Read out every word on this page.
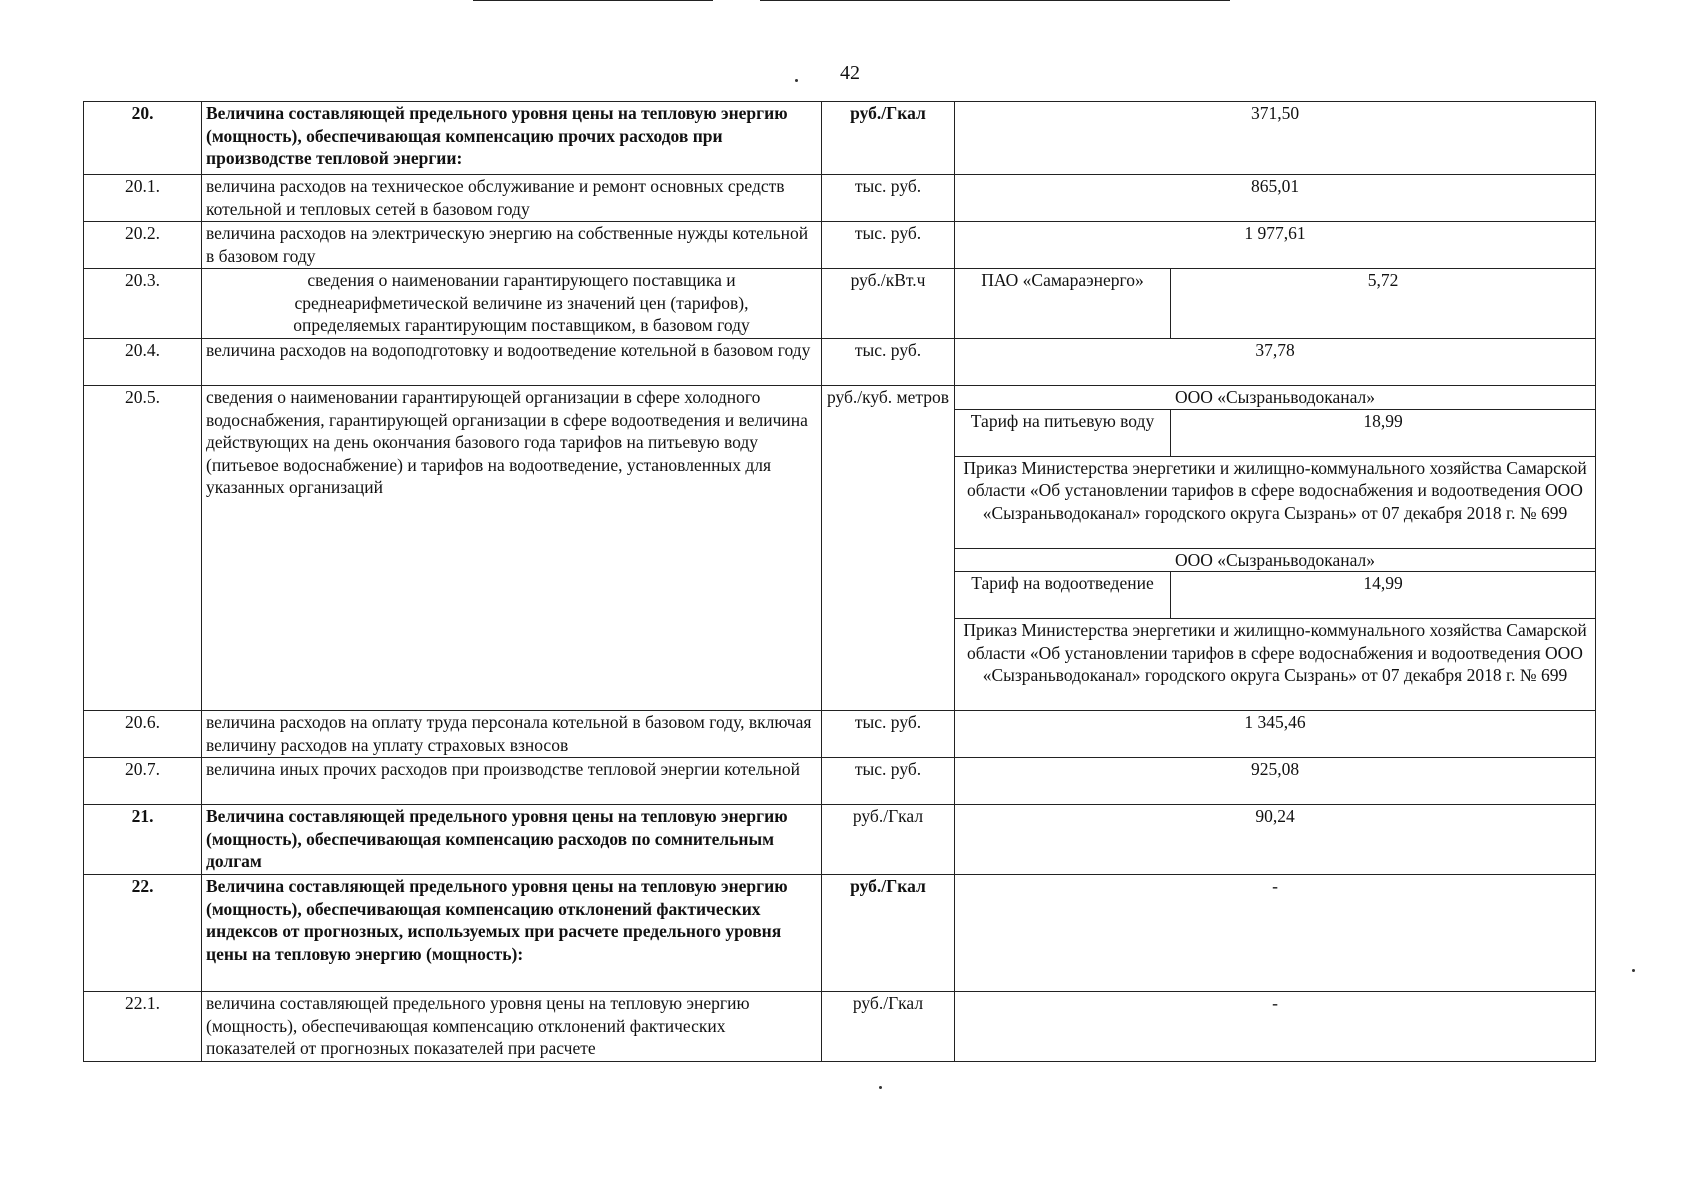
42
20.	Величина составляющей предельного уровня цены на тепловую энергию (мощность), обеспечивающая компенсацию прочих расходов при производстве тепловой энергии:	руб./Гкал	371,50	
20.1.	величина расходов на техническое обслуживание и ремонт основных средств котельной и тепловых сетей в базовом году	тыс. руб.	865,01	
20.2.	величина расходов на электрическую энергию на собственные нужды котельной в базовом году	тыс. руб.	1 977,61	
20.3.	сведения о наименовании гарантирующего поставщика и среднеарифметической величине из значений цен (тарифов), определяемых гарантирующим поставщиком, в базовом году	руб./кВт.ч	ПАО «Самараэнерго»	5,72
20.4.	величина расходов на водоподготовку и водоотведение котельной в базовом году	тыс. руб.	37,78	
20.5.	сведения о наименовании гарантирующей организации в сфере холодного водоснабжения, гарантирующей организации в сфере водоотведения и величина действующих на день окончания базового года тарифов на питьевую воду (питьевое водоснабжение) и тарифов на водоотведение, установленных для указанных организаций	руб./куб. метров	ООО «Сызраньводоканал»	
			Тариф на питьевую воду	18,99
			Приказ Министерства энергетики и жилищно-коммунального хозяйства Самарской области «Об установлении тарифов в сфере водоснабжения и водоотведения ООО «Сызраньводоканал» городского округа Сызрань» от 07 декабря 2018 г. № 699	
			ООО «Сызраньводоканал»	
			Тариф на водоотведение	14,99
			Приказ Министерства энергетики и жилищно-коммунального хозяйства Самарской области «Об установлении тарифов в сфере водоснабжения и водоотведения ООО «Сызраньводоканал» городского округа Сызрань» от 07 декабря 2018 г. № 699	
20.6.	величина расходов на оплату труда персонала котельной в базовом году, включая величину расходов на уплату страховых взносов	тыс. руб.	1 345,46	
20.7.	величина иных прочих расходов при производстве тепловой энергии котельной	тыс. руб.	925,08	
21.	Величина составляющей предельного уровня цены на тепловую энергию (мощность), обеспечивающая компенсацию расходов по сомнительным долгам	руб./Гкал	90,24	
22.	Величина составляющей предельного уровня цены на тепловую энергию (мощность), обеспечивающая компенсацию отклонений фактических индексов от прогнозных, используемых при расчете предельного уровня цены на тепловую энергию (мощность):	руб./Гкал	-	
22.1.	величина составляющей предельного уровня цены на тепловую энергию (мощность), обеспечивающая компенсацию отклонений фактических показателей от прогнозных показателей при расчете	руб./Гкал	-	
